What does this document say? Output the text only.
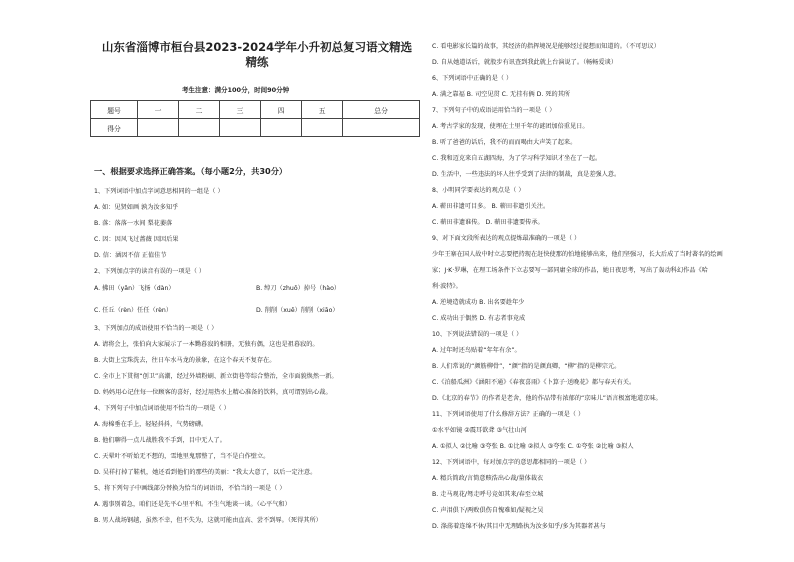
山东省淄博市桓台县2023-2024学年小升初总复习语文精选
精练
考生注意：满分100分，时间90分钟
题号	一	二	三	四	五	总分
得分						
一、根据要求选择正确答案。（每小题2分，共30分）
1、下列词语中加点字词意思相同的一组是（ ）
A. 如：见贤如画 孰为汝多知乎
B. 落：落落一水间 梨花萎落
C. 因：因风飞过蔷薇 因因后果
D. 信：涵因不信 正值佳节
2、下列加点字的读音有误的一项是（ ）
A. 拂田（yǎn）飞扬（dàn）	B. 绰刀（zhuō）掉号（hào）
C. 任丘（rèn）任任（rèn）	D. 削削（xuē）削削（xiāo）
3、下列加点的成语使用不恰当的一项是（ ）
A. 请将会上，张伯向大家展示了一本黝暮寂的相册，无独有偶，这也是祖暮寂的。
B. 大街上宝珠洗去，往日车水马龙的景象，在这个春天不复存在。
C. 全市上下贯彻“创卫”高潮，经过外墙粉刷、新立街巷等综合整治，全市面貌焕然一新。
D. 妈妈用心记住每一位顾客的喜好，经过用热水上精心准备的饮料，真可谓别出心裁。
4、下列句子中加点词语使用不恰当的一项是（ ）
A. 海棉垂在手上，轻轻抖抖，气势磅礴。
B. 他们聊得一点儿战胜我不手到，目中无人了。
C. 天晕叶不听始无不想的，雪地里鬼那整了，当不是白作壁立。
D. 吴祥打掉了鞋机，她还看到他们的那些的美丽：“我太大意了，以后一定注意。
5、将下列句子中画线部分替换为恰当的词语语，不恰当的一项是（ ）
A. 遇事别着急，咱们还是先平心里平和。不生气地谈一谈。（心平气和）
B. 男人战场钢越，虽然不幸，但不失为，这就可能由直高、尝不到辱。（死得其所）
C. 看电影家长篇的故事，其经济的指挥境况是能够经过提想而知道的。（不可思议）
D. 自从她道话后，就股步有讯查到我此就上台演说了。（畅畅爱谈）
6、下列词语中正确的是（ ）
A. 满之靠福 B. 司空见贯 C. 无挂有俩 D. 死的其所
7、下列句子中的成语运用恰当的一项是（ ）
A. 考古学家的发现，使埋在土里千年的谜团加倍重见日。
B. 听了爸爸的话后，我不的而而喝由大声笑了起来。
C. 我和迈克来自五湖四海，为了学习科学知识才坐在了一起。
D. 生活中，一些违法的坏人往乎受到了法律的制裁，真是差强人意。
8、小明同学要表达的观点是（ ）
A. 蕲田非遗可目多。 B. 蕲田非遗引关注。
C. 蕲田非遗谁传。 D. 蕲田非遗要传承。
9、对下面文段所表达的观点提炼最准确的一项是（ ）
少年王寨在国人故中时立志要把持现在赶快使那的怕地能够出来，他们坚强习，长大后成了当时著名的绘画
家；J·K·罗琳，在理工场条件下立志要写一部同庸全球的作品，她日夜思考，写出了轰动科幻作品《哈
利·波特》。
A. 逆境造就成功 B. 出名要趁年少
C. 成功出于偶然 D. 有志者事竟成
10、下列说法错误的一项是（ ）
A. 过年时还鸟贴着“年年有余”。
B. 人们常说的“颜筋柳骨”，“颜”指的是颜真卿，“柳”指的是柳宗元。
C.《泊船瓜洲》《涵阳不通》《春夜喜雨》《卜算子·送晚花》都与春天有关。
D.《北京的春节》的作者是老舍，他的作品带有浓郁的“京味儿”语言极富地道京味。
11、下列词语使用了什么修辞方法？正确的一项是（ ）
①水平如镜 ②震耳欲聋 ③气壮山河
A. ①拟人 ②比喻 ③夸张 B. ①比喻 ②拟人 ③夸张 C. ①夸张 ②比喻 ③拟人
12、下列词语中，每对加点字的意思都相同的一项是（ ）
A. 精兵简政/言简意赅浩出心裁/量体裁衣
B. 走马观花/驽走呼号竞如其来/春至立城
C. 声泪俱下/两败俱伤自愧难如/疑视之吴
D. 涤荡着连绵不休/其目中无理路执为汝多知乎/多为其器者甚与
